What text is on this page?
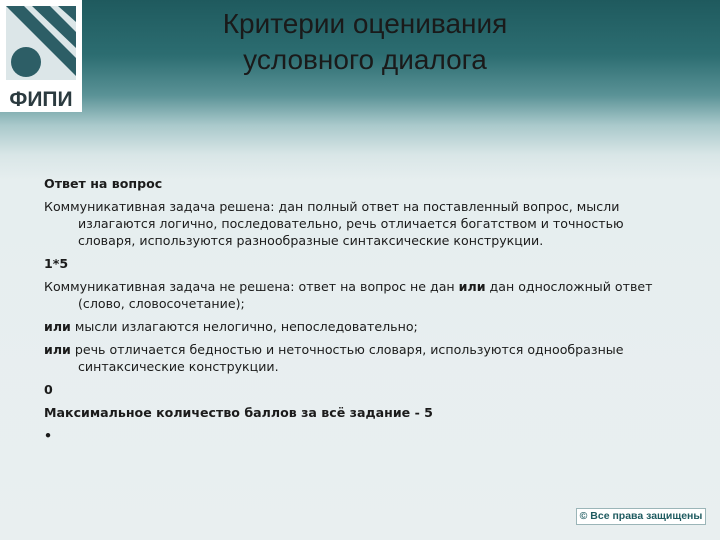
ФИПИ
Критерии оценивания
условного диалога

Ответ на вопрос

Коммуникативная задача решена: дан полный ответ на поставленный вопрос, мысли излагаются логично, последовательно, речь отличается богатством и точностью словаря, используются разнообразные синтаксические конструкции.

1*5

Коммуникативная задача не решена: ответ на вопрос не дан или дан односложный ответ (слово, словосочетание);

или мысли излагаются нелогично, непоследовательно;

или речь отличается бедностью и неточностью словаря, используются однообразные синтаксические конструкции.

0

Максимальное количество баллов за всё задание - 5

•

© Все права защищены
